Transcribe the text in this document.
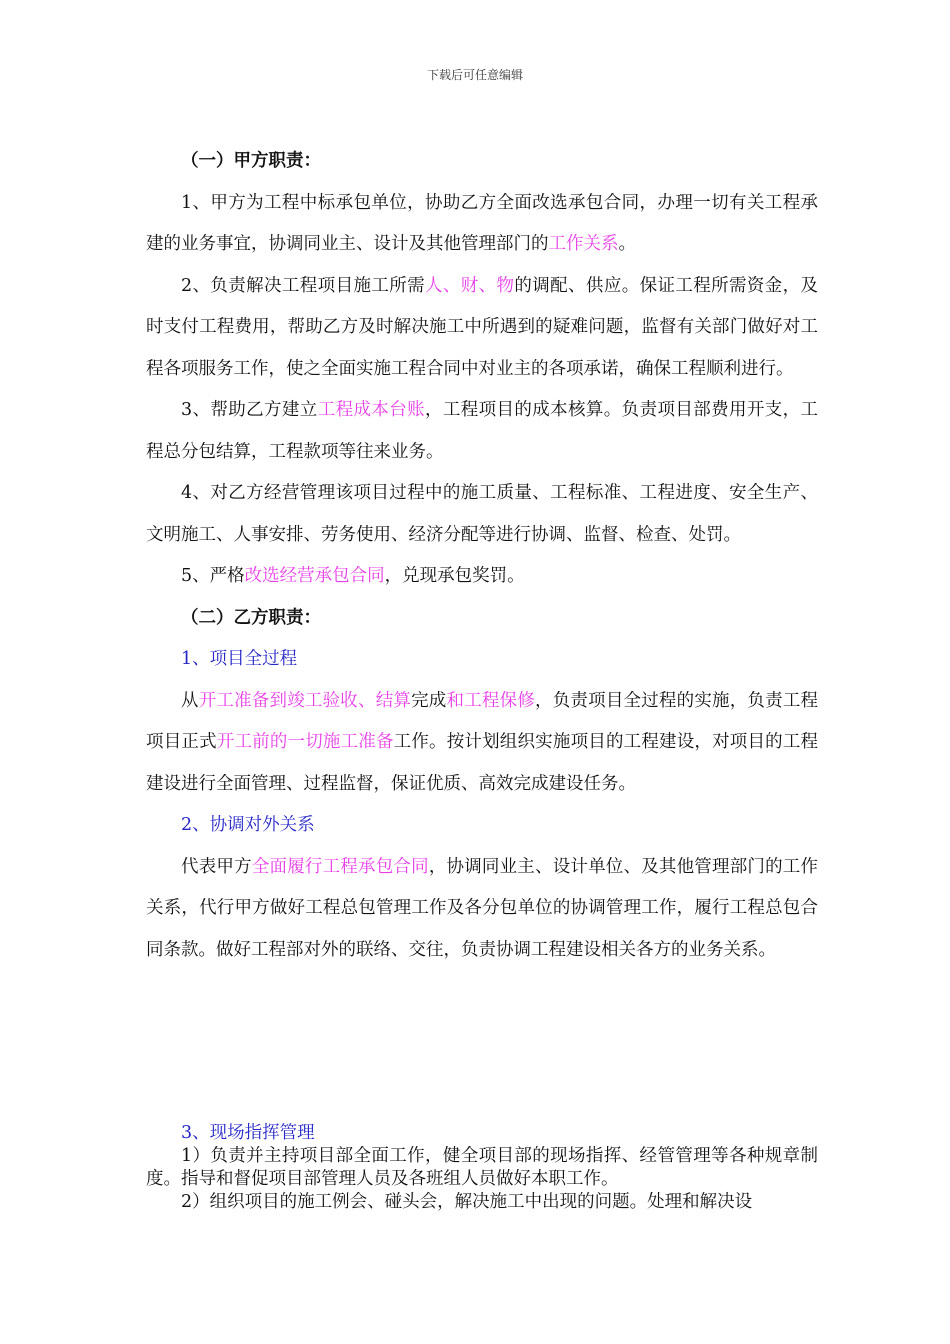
下载后可任意编辑

（一）甲方职责：

1、甲方为工程中标承包单位，协助乙方全面改选承包合同，办理一切有关工程承建的业务事宜，协调同业主、设计及其他管理部门的工作关系。

2、负责解决工程项目施工所需人、财、物的调配、供应。保证工程所需资金，及时支付工程费用，帮助乙方及时解决施工中所遇到的疑难问题，监督有关部门做好对工程各项服务工作，使之全面实施工程合同中对业主的各项承诺，确保工程顺利进行。

3、帮助乙方建立工程成本台账，工程项目的成本核算。负责项目部费用开支，工程总分包结算，工程款项等往来业务。

4、对乙方经营管理该项目过程中的施工质量、工程标准、工程进度、安全生产、文明施工、人事安排、劳务使用、经济分配等进行协调、监督、检查、处罚。

5、严格改选经营承包合同，兑现承包奖罚。

（二）乙方职责：

1、项目全过程

从开工准备到竣工验收、结算完成和工程保修，负责项目全过程的实施，负责工程项目正式开工前的一切施工准备工作。按计划组织实施项目的工程建设，对项目的工程建设进行全面管理、过程监督，保证优质、高效完成建设任务。

2、协调对外关系

代表甲方全面履行工程承包合同，协调同业主、设计单位、及其他管理部门的工作关系，代行甲方做好工程总包管理工作及各分包单位的协调管理工作，履行工程总包合同条款。做好工程部对外的联络、交往，负责协调工程建设相关各方的业务关系。

3、现场指挥管理

1）负责并主持项目部全面工作，健全项目部的现场指挥、经管管理等各种规章制度。指导和督促项目部管理人员及各班组人员做好本职工作。

2）组织项目的施工例会、碰头会，解决施工中出现的问题。处理和解决设
